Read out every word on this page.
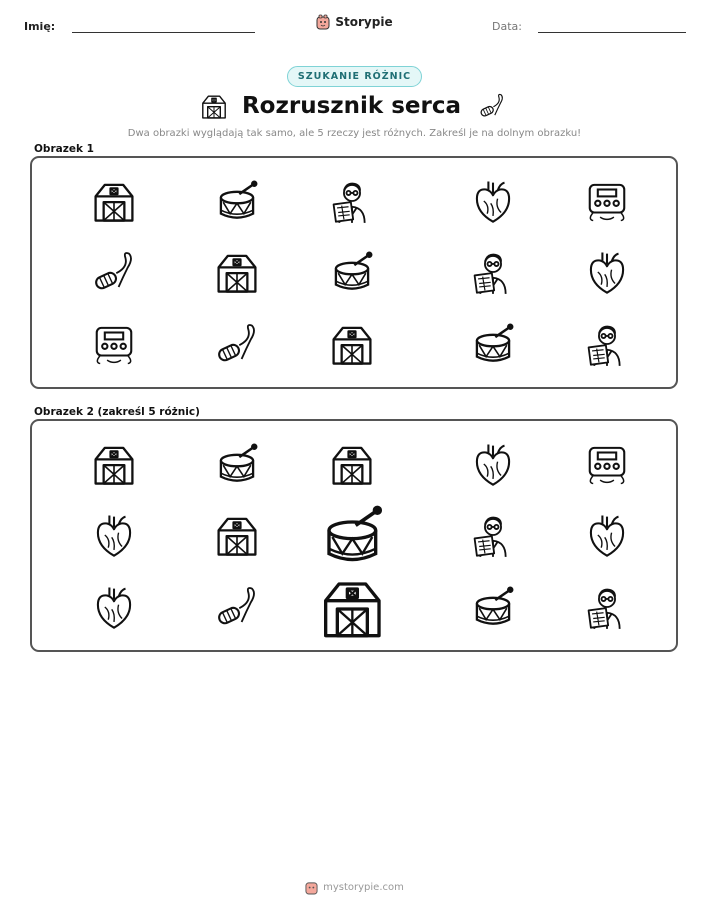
Imię:	Storypie	Data:
SZUKANIE RÓŻNIC
Rozrusznik serca
Dwa obrazki wyglądają tak samo, ale 5 rzeczy jest różnych. Zakreśl je na dolnym obrazku!
Obrazek 1
Obrazek 2 (zakreśl 5 różnic)
mystorypie.com
